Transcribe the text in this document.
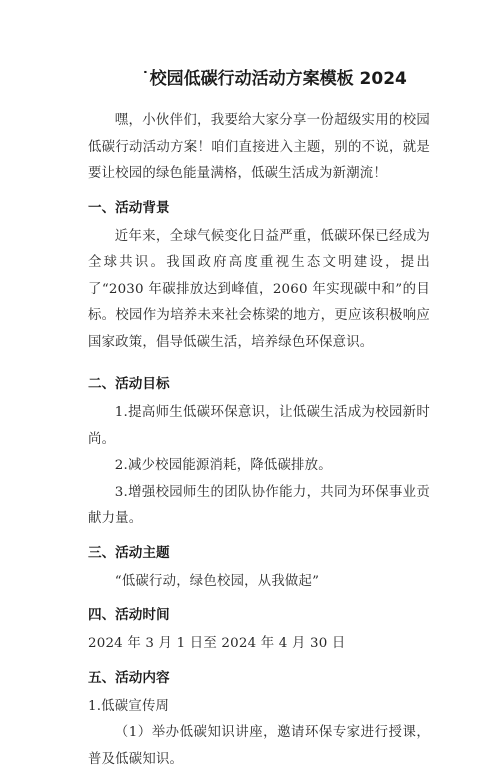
˙校园低碳行动活动方案模板 2024

嘿，小伙伴们，我要给大家分享一份超级实用的校园低碳行动活动方案！咱们直接进入主题，别的不说，就是要让校园的绿色能量满格，低碳生活成为新潮流！

一、活动背景

近年来，全球气候变化日益严重，低碳环保已经成为全球共识。我国政府高度重视生态文明建设，提出了“2030 年碳排放达到峰值，2060 年实现碳中和”的目标。校园作为培养未来社会栋梁的地方，更应该积极响应国家政策，倡导低碳生活，培养绿色环保意识。

二、活动目标

1.提高师生低碳环保意识，让低碳生活成为校园新时尚。

2.减少校园能源消耗，降低碳排放。

3.增强校园师生的团队协作能力，共同为环保事业贡献力量。

三、活动主题

“低碳行动，绿色校园，从我做起”

四、活动时间

2024 年 3 月 1 日至 2024 年 4 月 30 日

五、活动内容

1.低碳宣传周

（1）举办低碳知识讲座，邀请环保专家进行授课，普及低碳知识。
